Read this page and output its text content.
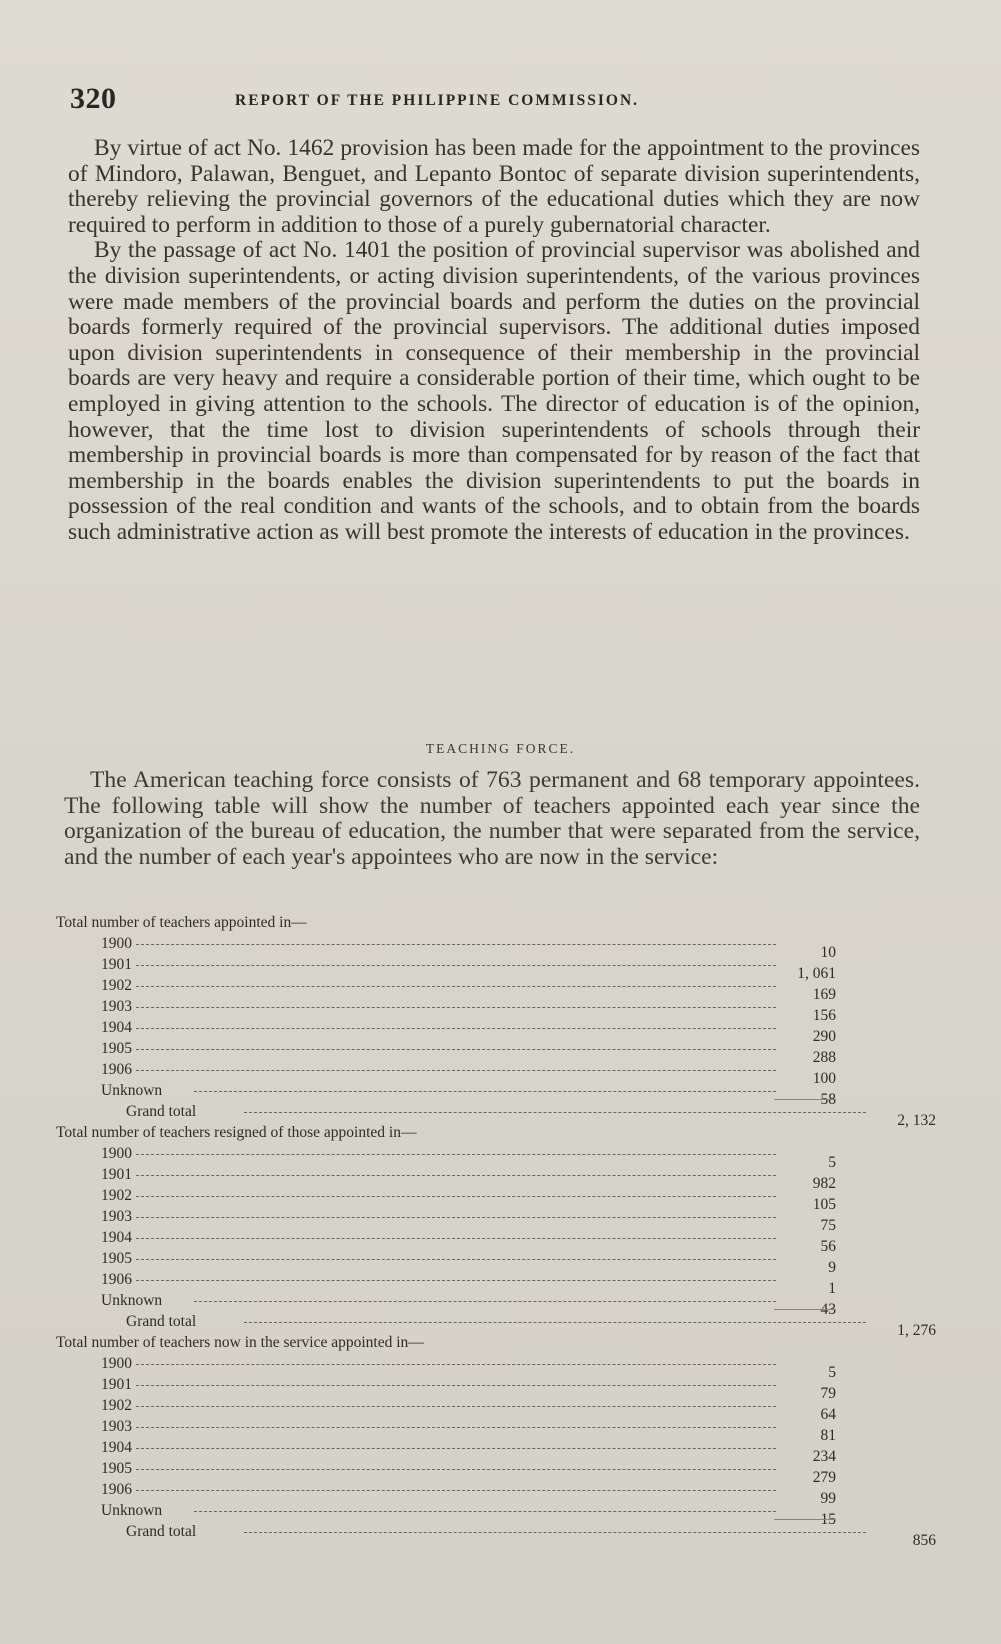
320	REPORT OF THE PHILIPPINE COMMISSION.

By virtue of act No. 1462 provision has been made for the appointment to the provinces of Mindoro, Palawan, Benguet, and Lepanto Bontoc of separate division superintendents, thereby relieving the provincial governors of the educational duties which they are now required to perform in addition to those of a purely gubernatorial character.

By the passage of act No. 1401 the position of provincial supervisor was abolished and the division superintendents, or acting division superintendents, of the various provinces were made members of the provincial boards and perform the duties on the provincial boards formerly required of the provincial supervisors. The additional duties imposed upon division superintendents in consequence of their membership in the provincial boards are very heavy and require a considerable portion of their time, which ought to be employed in giving attention to the schools. The director of education is of the opinion, however, that the time lost to division superintendents of schools through their membership in provincial boards is more than compensated for by reason of the fact that membership in the boards enables the division superintendents to put the boards in possession of the real condition and wants of the schools, and to obtain from the boards such administrative action as will best promote the interests of education in the provinces.

TEACHING FORCE.

The American teaching force consists of 763 permanent and 68 temporary appointees. The following table will show the number of teachers appointed each year since the organization of the bureau of education, the number that were separated from the service, and the number of each year's appointees who are now in the service:

Total number of teachers appointed in—
1900
10
1901
1, 061
1902
169
1903
156
1904
290
1905
288
1906
100
Unknown
58
Grand total
2, 132
Total number of teachers resigned of those appointed in—
1900
5
1901
982
1902
105
1903
75
1904
56
1905
9
1906
1
Unknown
43
Grand total
1, 276
Total number of teachers now in the service appointed in—
1900
5
1901
79
1902
64
1903
81
1904
234
1905
279
1906
99
Unknown
15
Grand total
856
